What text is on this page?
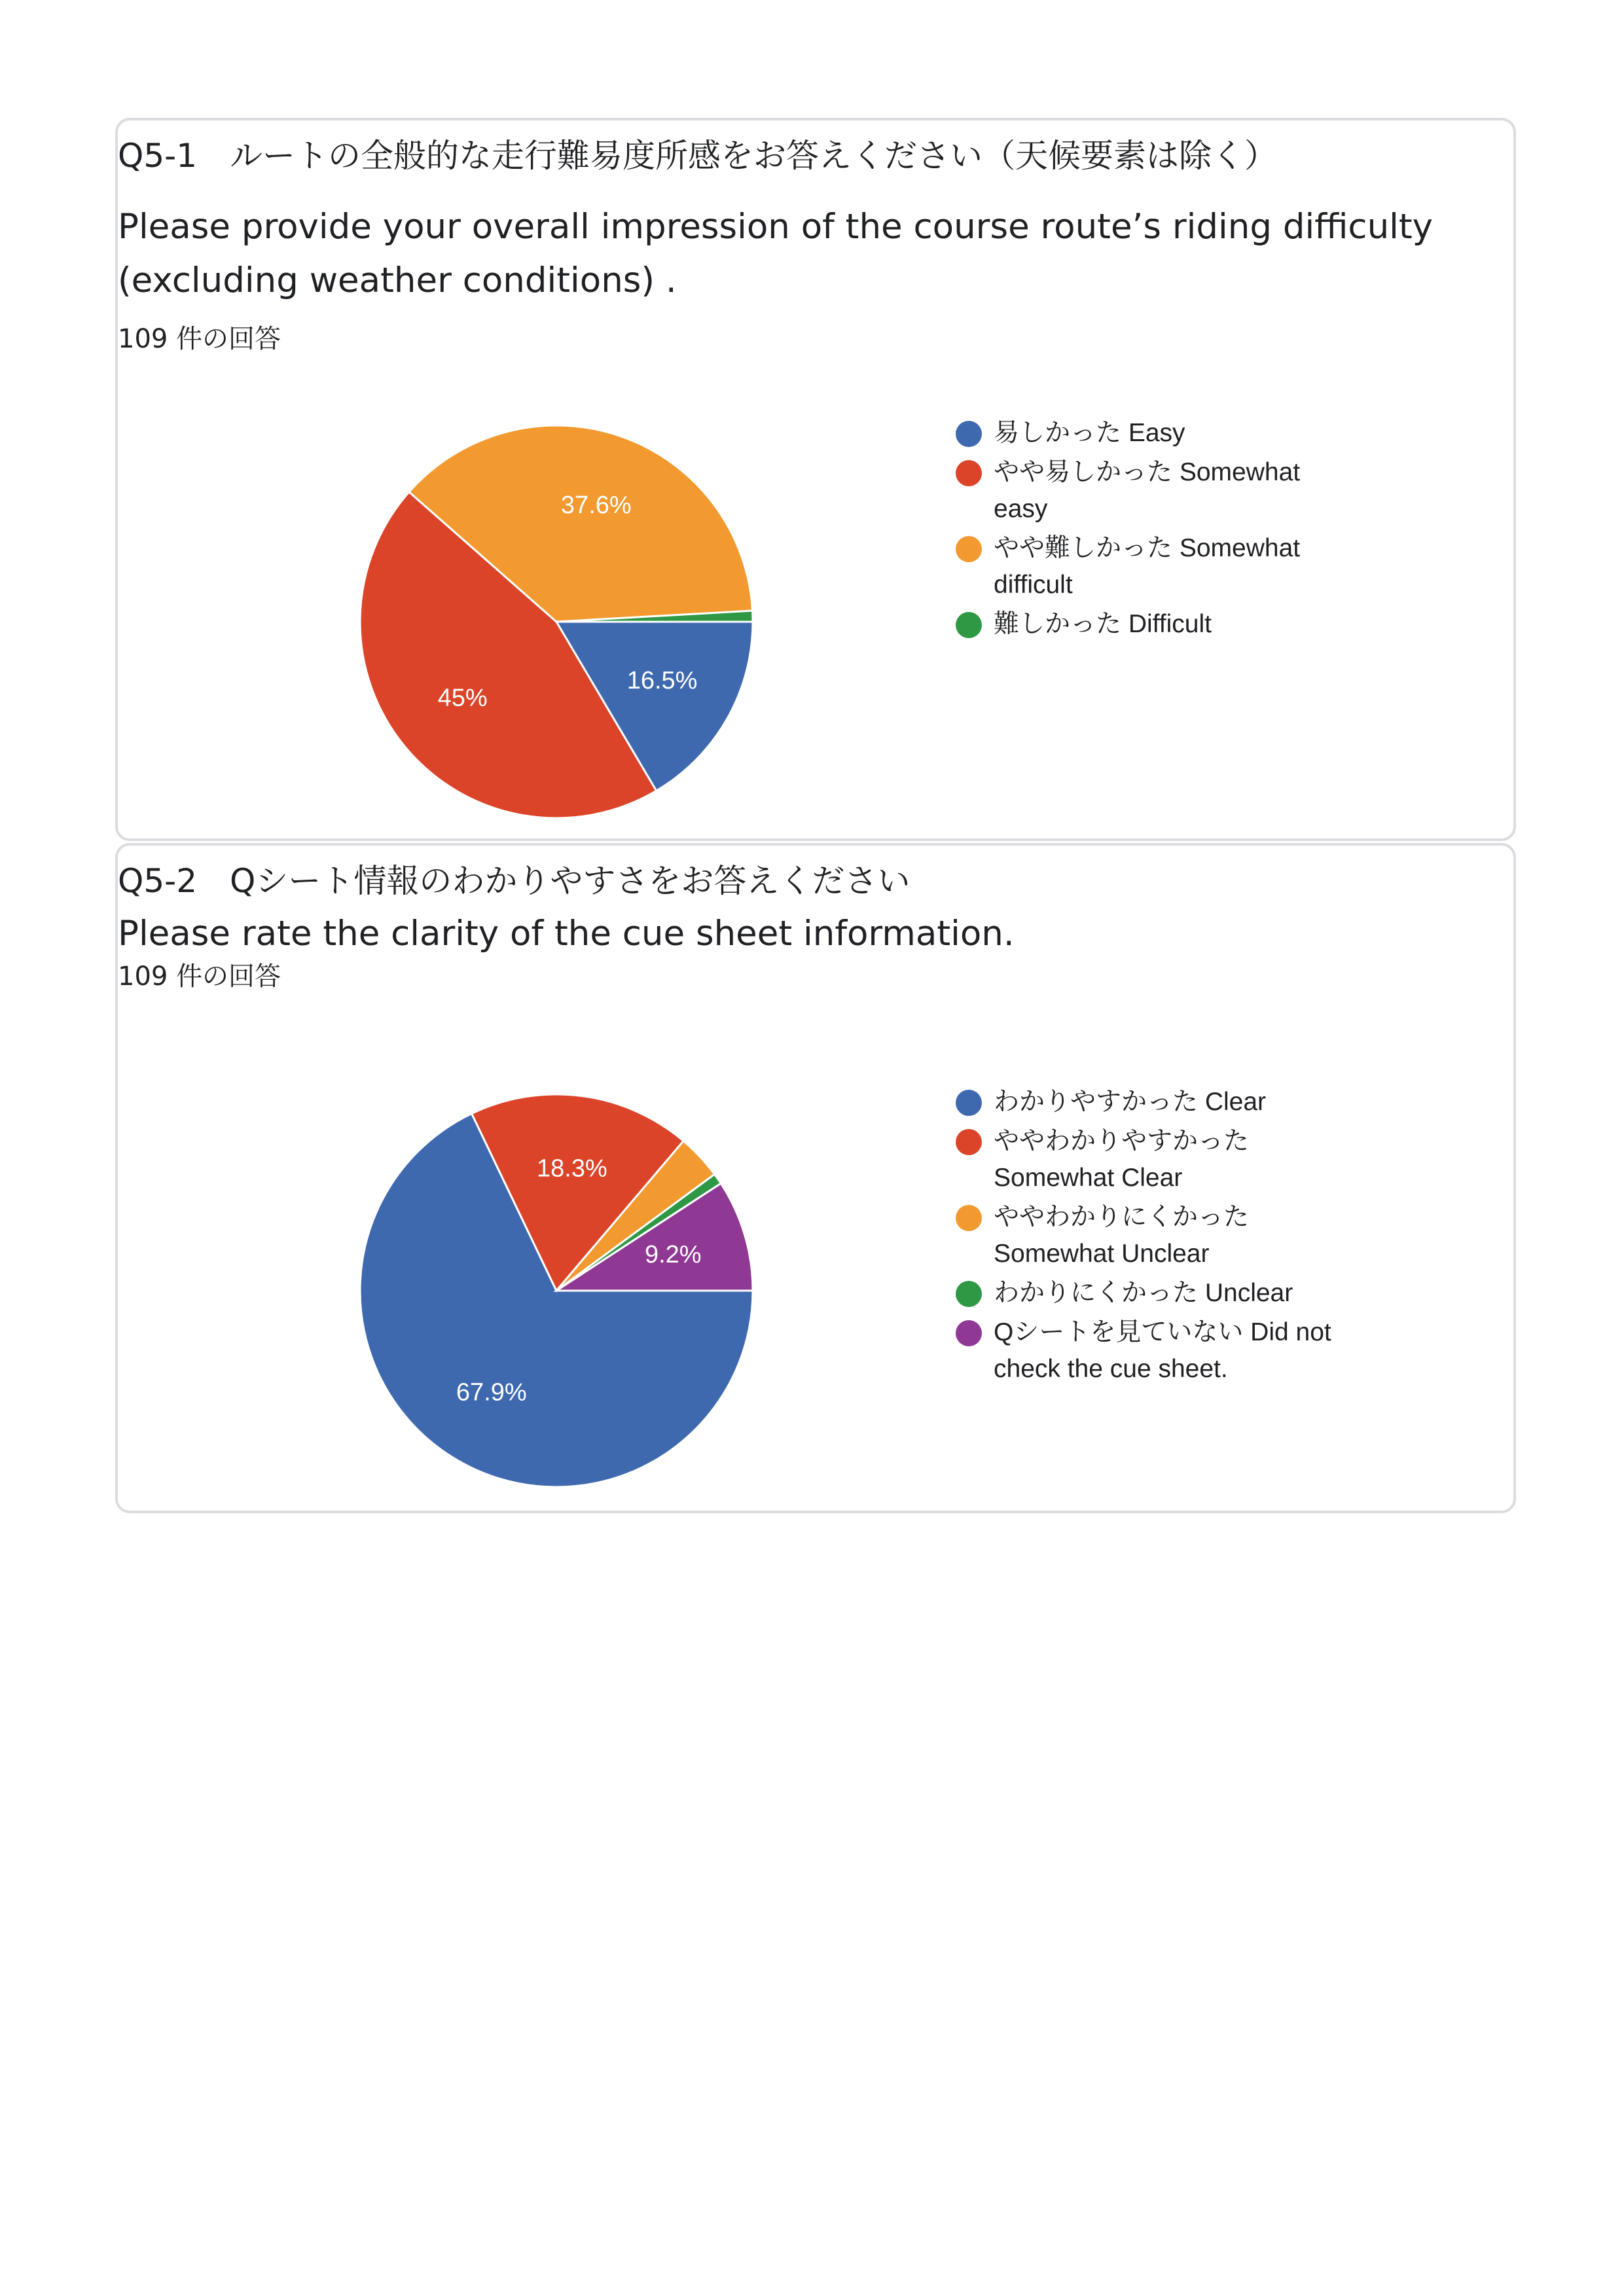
Q5-1　ルートの全般的な走行難易度所感をお答えください（天候要素は除く）
Please provide your overall impression of the course route’s riding difficulty (excluding weather conditions) .
109 件の回答
16.5%
45%
37.6%
易しかった Easy
やや易しかった Somewhat easy
やや難しかった Somewhat difficult
難しかった Difficult
Q5-2　Qシート情報のわかりやすさをお答えください
Please rate the clarity of the cue sheet information.
109 件の回答
67.9%
18.3%
9.2%
わかりやすかった Clear
ややわかりやすかった Somewhat Clear
ややわかりにくかった Somewhat Unclear
わかりにくかった Unclear
Qシートを見ていない Did not check the cue sheet.
